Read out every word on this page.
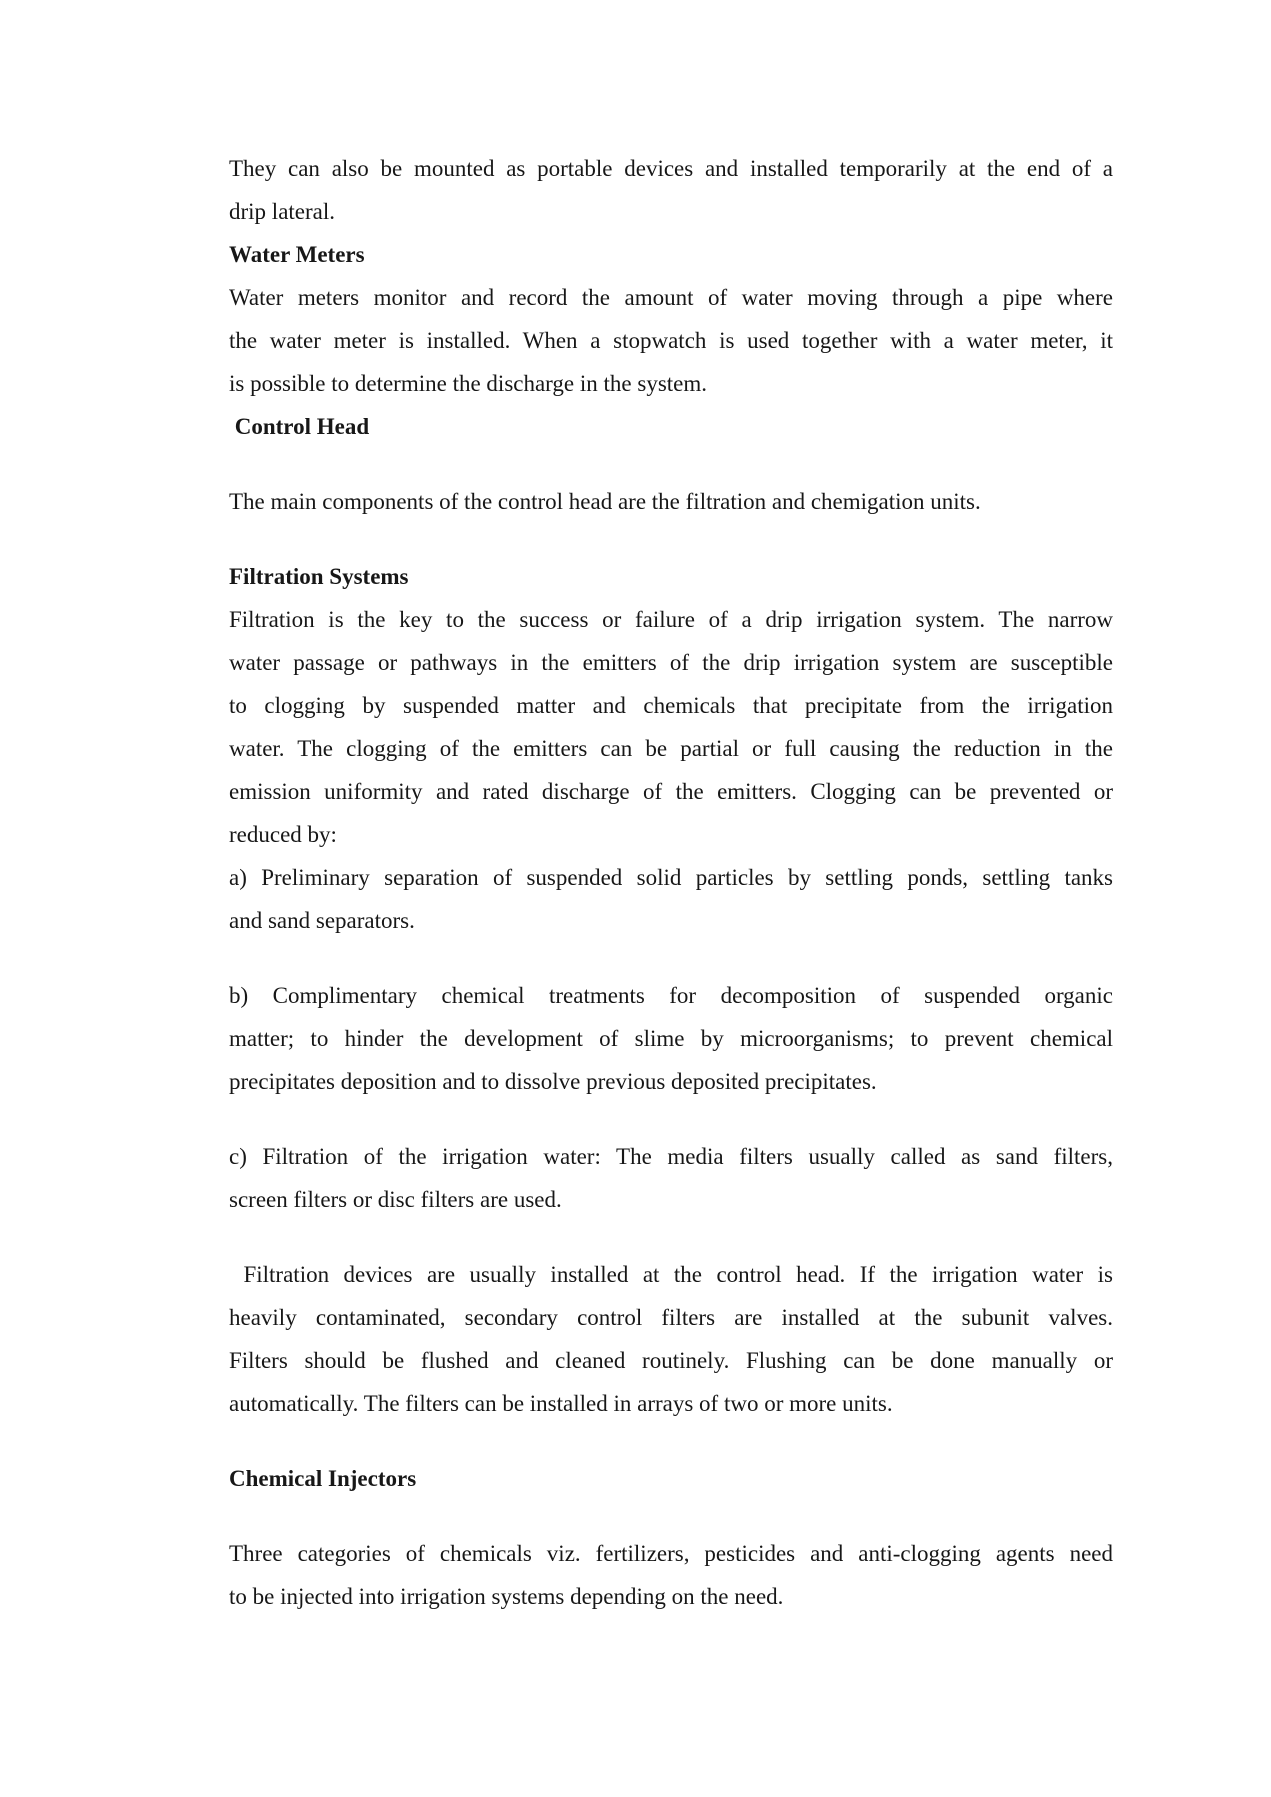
They can also be mounted as portable devices and installed temporarily at the end of a
drip lateral.
Water Meters
Water meters monitor and record the amount of water moving through a pipe where
the water meter is installed. When a stopwatch is used together with a water meter, it
is possible to determine the discharge in the system.
Control Head
The main components of the control head are the filtration and chemigation units.
Filtration Systems
Filtration is the key to the success or failure of a drip irrigation system. The narrow
water passage or pathways in the emitters of the drip irrigation system are susceptible
to clogging by suspended matter and chemicals that precipitate from the irrigation
water. The clogging of the emitters can be partial or full causing the reduction in the
emission uniformity and rated discharge of the emitters. Clogging can be prevented or
reduced by:
a) Preliminary separation of suspended solid particles by settling ponds, settling tanks
and sand separators.
b) Complimentary chemical treatments for decomposition of suspended organic
matter; to hinder the development of slime by microorganisms; to prevent chemical
precipitates deposition and to dissolve previous deposited precipitates.
c) Filtration of the irrigation water: The media filters usually called as sand filters,
screen filters or disc filters are used.
Filtration devices are usually installed at the control head. If the irrigation water is
heavily contaminated, secondary control filters are installed at the subunit valves.
Filters should be flushed and cleaned routinely. Flushing can be done manually or
automatically. The filters can be installed in arrays of two or more units.
Chemical Injectors
Three categories of chemicals viz. fertilizers, pesticides and anti-clogging agents need
to be injected into irrigation systems depending on the need.
